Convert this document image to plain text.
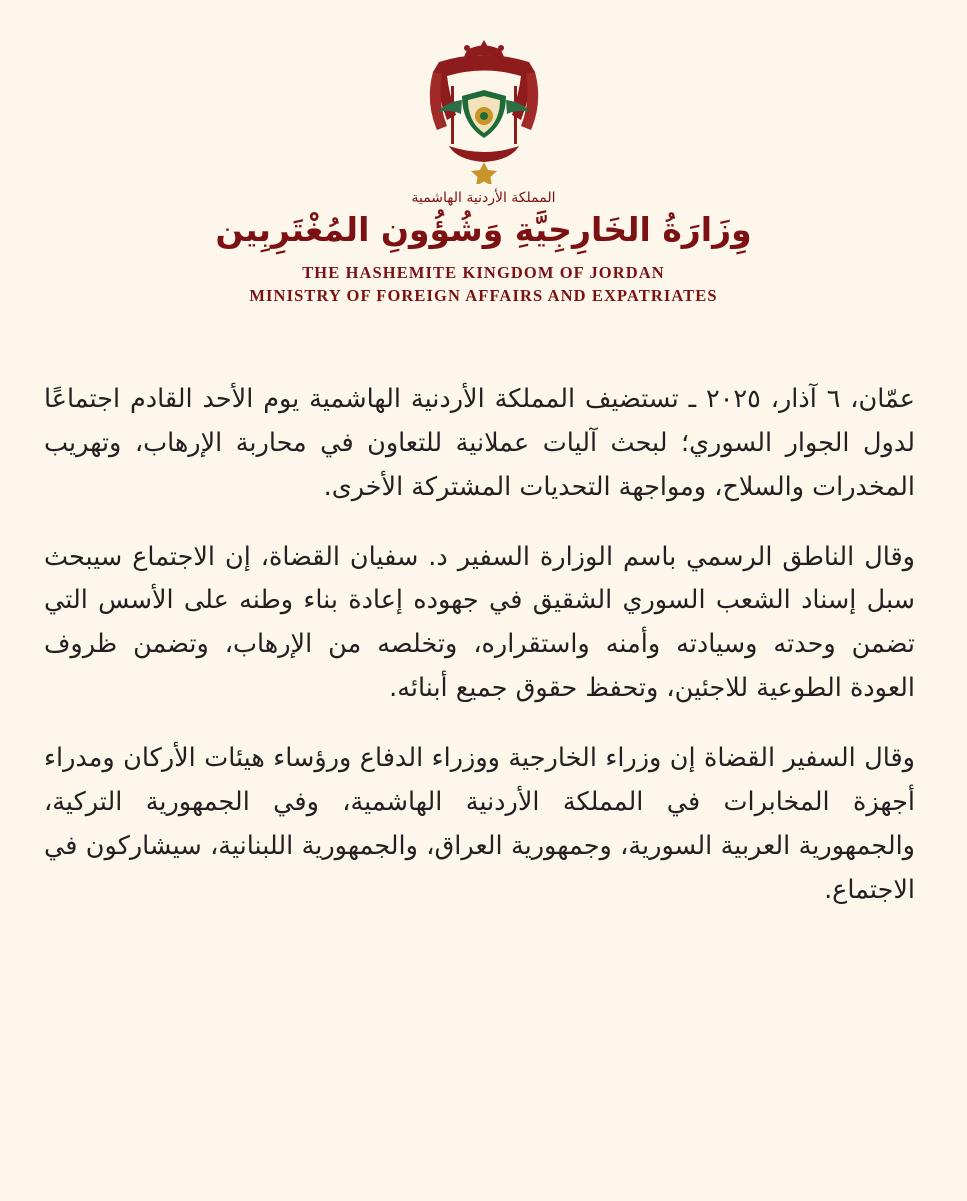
المملكة الأردنية الهاشمية
وِزَارَةُ الخَارِجِيَّةِ وَشُؤُونِ المُغْتَرِبِين
THE HASHEMITE KINGDOM OF JORDAN
MINISTRY OF FOREIGN AFFAIRS AND EXPATRIATES

عمّان، ٦ آذار، ٢٠٢٥ ـ تستضيف المملكة الأردنية الهاشمية يوم الأحد القادم اجتماعًا لدول الجوار السوري؛ لبحث آليات عملانية للتعاون في محاربة الإرهاب، وتهريب المخدرات والسلاح، ومواجهة التحديات المشتركة الأخرى.

وقال الناطق الرسمي باسم الوزارة السفير د. سفيان القضاة، إن الاجتماع سيبحث سبل إسناد الشعب السوري الشقيق في جهوده إعادة بناء وطنه على الأسس التي تضمن وحدته وسيادته وأمنه واستقراره، وتخلصه من الإرهاب، وتضمن ظروف العودة الطوعية للاجئين، وتحفظ حقوق جميع أبنائه.

وقال السفير القضاة إن وزراء الخارجية ووزراء الدفاع ورؤساء هيئات الأركان ومدراء أجهزة المخابرات في المملكة الأردنية الهاشمية، وفي الجمهورية التركية، والجمهورية العربية السورية، وجمهورية العراق، والجمهورية اللبنانية، سيشاركون في الاجتماع.
